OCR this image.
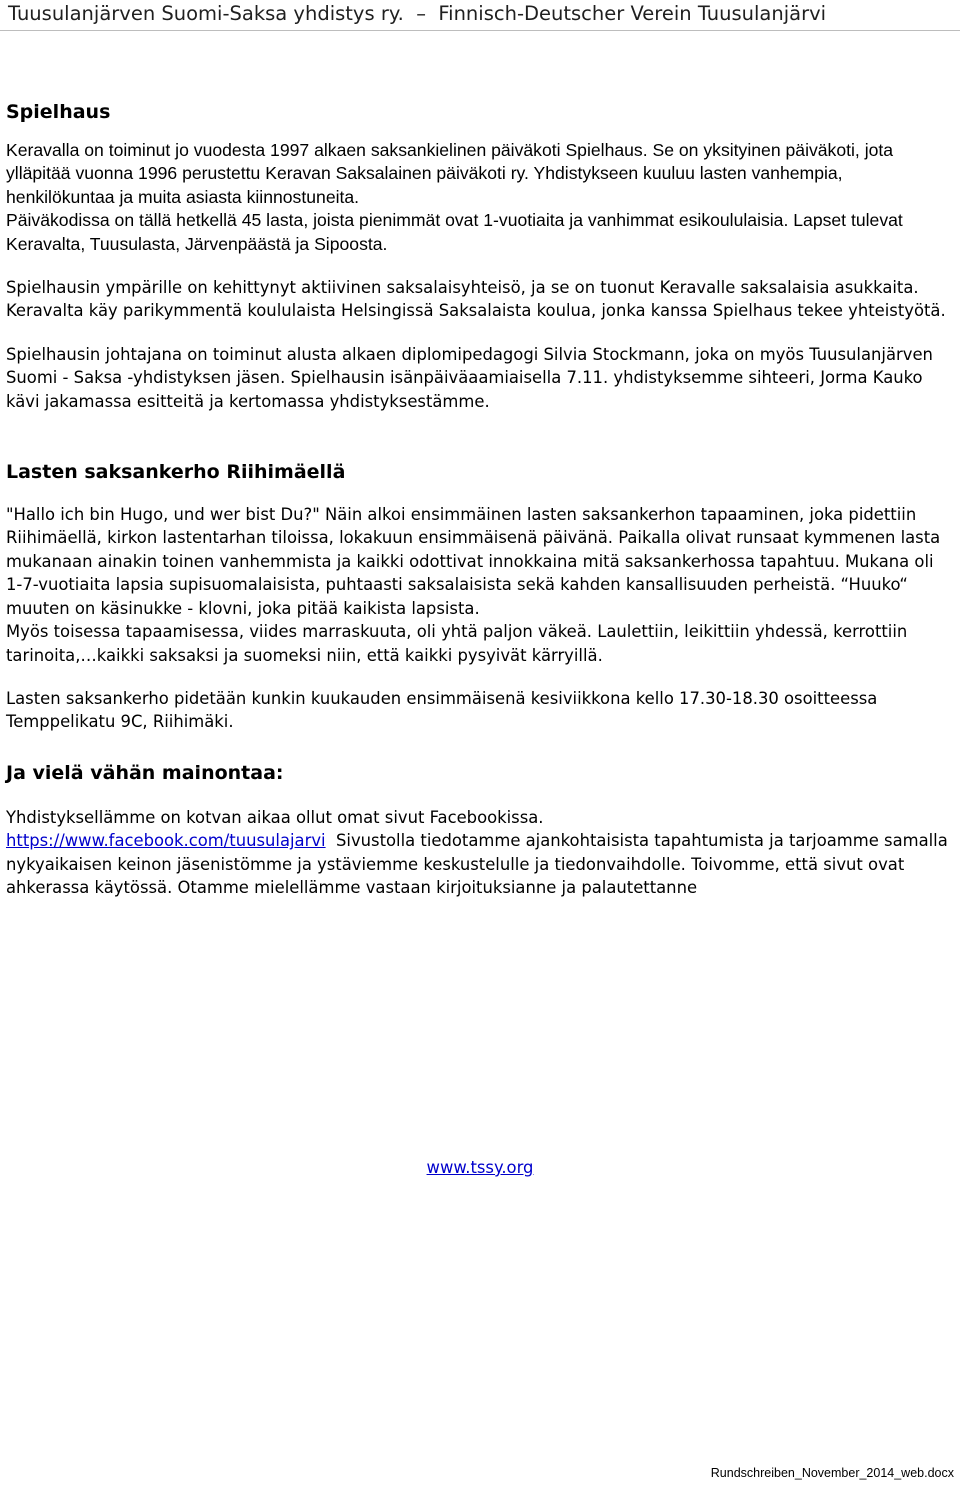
Tuusulanjärven Suomi-Saksa yhdistys ry.  –  Finnisch-Deutscher Verein Tuusulanjärvi
Spielhaus

Keravalla on toiminut jo vuodesta 1997 alkaen saksankielinen päiväkoti Spielhaus. Se on yksityinen päiväkoti, jota ylläpitää vuonna 1996 perustettu Keravan Saksalainen päiväkoti ry. Yhdistykseen kuuluu lasten vanhempia, henkilökuntaa ja muita asiasta kiinnostuneita.

Päiväkodissa on tällä hetkellä 45 lasta, joista pienimmät ovat 1-vuotiaita ja vanhimmat esikoululaisia. Lapset tulevat Keravalta, Tuusulasta, Järvenpäästä ja Sipoosta.

Spielhausin ympärille on kehittynyt aktiivinen saksalaisyhteisö, ja se on tuonut Keravalle saksalaisia asukkaita. Keravalta käy parikymmentä koululaista Helsingissä Saksalaista koulua, jonka kanssa Spielhaus tekee yhteistyötä.

Spielhausin johtajana on toiminut alusta alkaen diplomipedagogi Silvia Stockmann, joka on myös Tuusulanjärven Suomi - Saksa -yhdistyksen jäsen. Spielhausin isänpäiväaamiaisella 7.11. yhdistyksemme sihteeri, Jorma Kauko kävi jakamassa esitteitä ja kertomassa yhdistyksestämme.

Lasten saksankerho Riihimäellä

"Hallo ich bin Hugo, und wer bist Du?" Näin alkoi ensimmäinen lasten saksankerhon tapaaminen, joka pidettiin Riihimäellä, kirkon lastentarhan tiloissa, lokakuun ensimmäisenä päivänä. Paikalla olivat runsaat kymmenen lasta mukanaan ainakin toinen vanhemmista ja kaikki odottivat innokkaina mitä saksankerhossa tapahtuu. Mukana oli 1-7-vuotiaita lapsia supisuomalaisista, puhtaasti saksalaisista sekä kahden kansallisuuden perheistä. “Huuko“ muuten on käsinukke - klovni, joka pitää kaikista lapsista.

Myös toisessa tapaamisessa, viides marraskuuta, oli yhtä paljon väkeä. Laulettiin, leikittiin yhdessä, kerrottiin tarinoita,…kaikki saksaksi ja suomeksi niin, että kaikki pysyivät kärryillä.

Lasten saksankerho pidetään kunkin kuukauden ensimmäisenä kesiviikkona kello 17.30-18.30 osoitteessa Temppelikatu 9C, Riihimäki.

Ja vielä vähän mainontaa:

Yhdistyksellämme on kotvan aikaa ollut omat sivut Facebookissa.

https://www.facebook.com/tuusulajarvi Sivustolla tiedotamme ajankohtaisista tapahtumista ja tarjoamme samalla nykyaikaisen keinon jäsenistömme ja ystäviemme keskustelulle ja tiedonvaihdolle. Toivomme, että sivut ovat ahkerassa käytössä. Otamme mielellämme vastaan kirjoituksianne ja palautettanne

www.tssy.org
Rundschreiben_November_2014_web.docx
